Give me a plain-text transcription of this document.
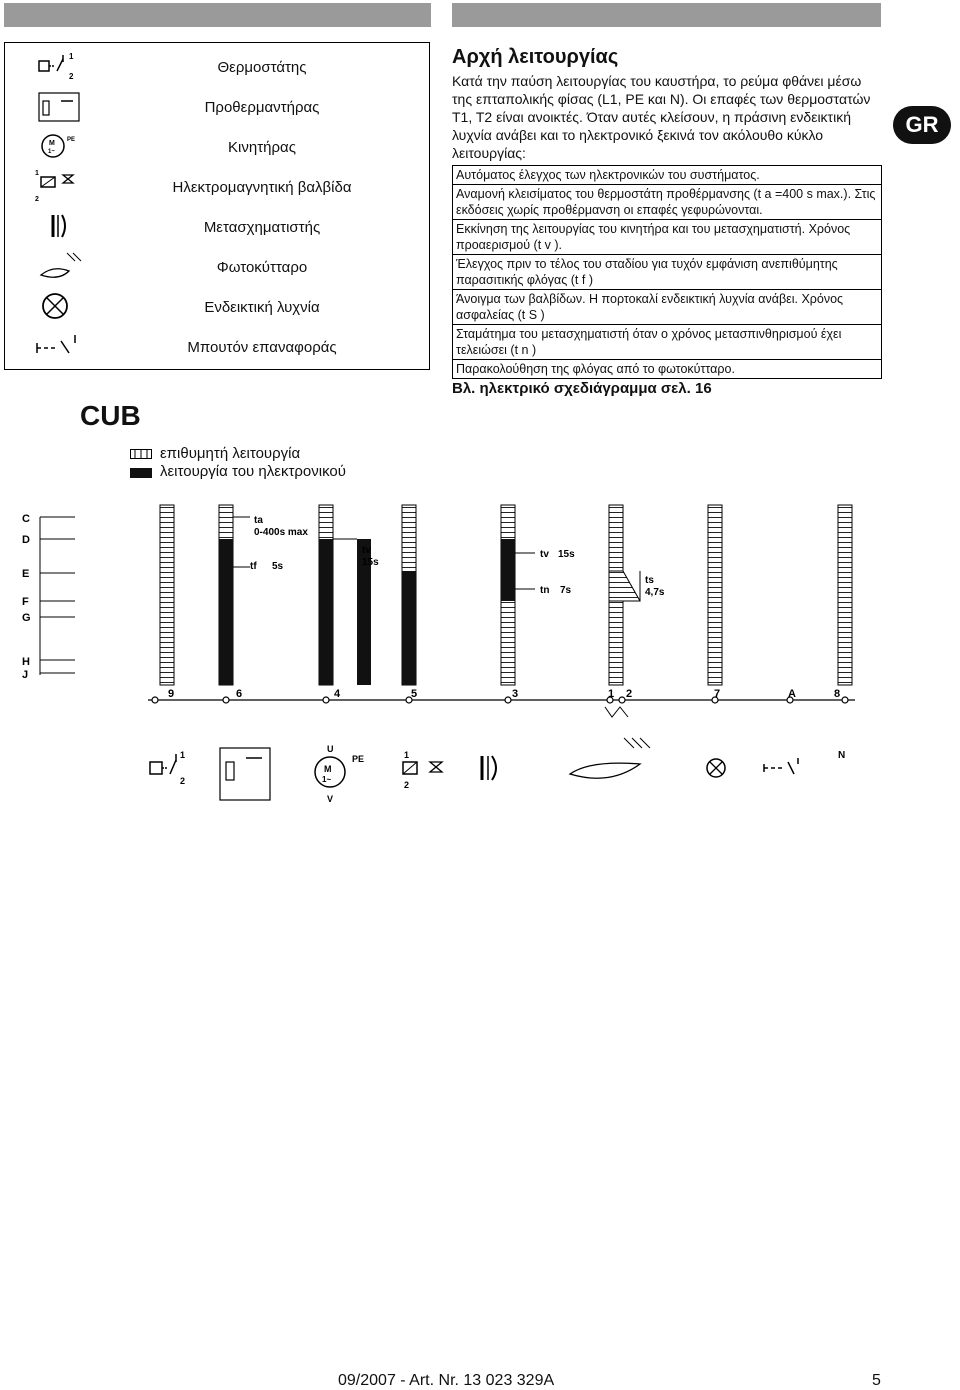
1
2
Θερμοστάτης
Προθερμαντήρας
M
1~
PE	Κινητήρας
1
2
Ηλεκτρομαγνητική βαλβίδα
Μετασχηματιστής
Φωτοκύτταρο
Ενδεικτική λυχνία
Μπουτόν επαναφοράς
Αρχή λειτουργίας
Κατά την παύση λειτουργίας του καυστήρα, το ρεύμα φθάνει μέσω της επταπολικής φίσας (L1, PE και N). Οι επαφές των θερμοστατών T1, T2 είναι ανοικτές. Όταν αυτές κλείσουν, η πράσινη ενδεικτική λυχνία ανάβει και το ηλεκτρονικό ξεκινά τον ακόλουθο κύκλο λειτουργίας:
Αυτόματος έλεγχος των ηλεκτρονικών του συστήματος.
Αναμονή κλεισίματος του θερμοστάτη προθέρμανσης (t a =400 s max.). Στις εκδόσεις χωρίς προθέρμανση οι επαφές γεφυρώνονται.
Εκκίνηση της λειτουργίας του κινητήρα και του μετασχηματιστή. Χρόνος προαερισμού (t v ).
Έλεγχος πριν το τέλος του σταδίου για τυχόν εμφάνιση ανεπιθύμητης παρασιτικής φλόγας (t f )
Άνοιγμα των βαλβίδων. Η πορτοκαλί ενδεικτική λυχνία ανάβει. Χρόνος ασφαλείας (t S )
Σταμάτημα του μετασχηματιστή όταν ο χρόνος μετασπινθηρισμού έχει τελειώσει (t n )
Παρακολούθηση της φλόγας από το φωτοκύτταρο.
Βλ. ηλεκτρικό σχεδιάγραμμα σελ. 16
GR
CUB
επιθυμητή λειτουργία
λειτουργία του ηλεκτρονικού
C
D
E
F
G
H
J
ta
0-400s max
tf 5s
tv
15s
tv 15s
tn 7s
ts
4,7s
9	6	4	5	3	1 2	7	A	8
1
2
U
M
1~
PE
V
1
2
N
09/2007 - Art. Nr. 13 023 329A	5
